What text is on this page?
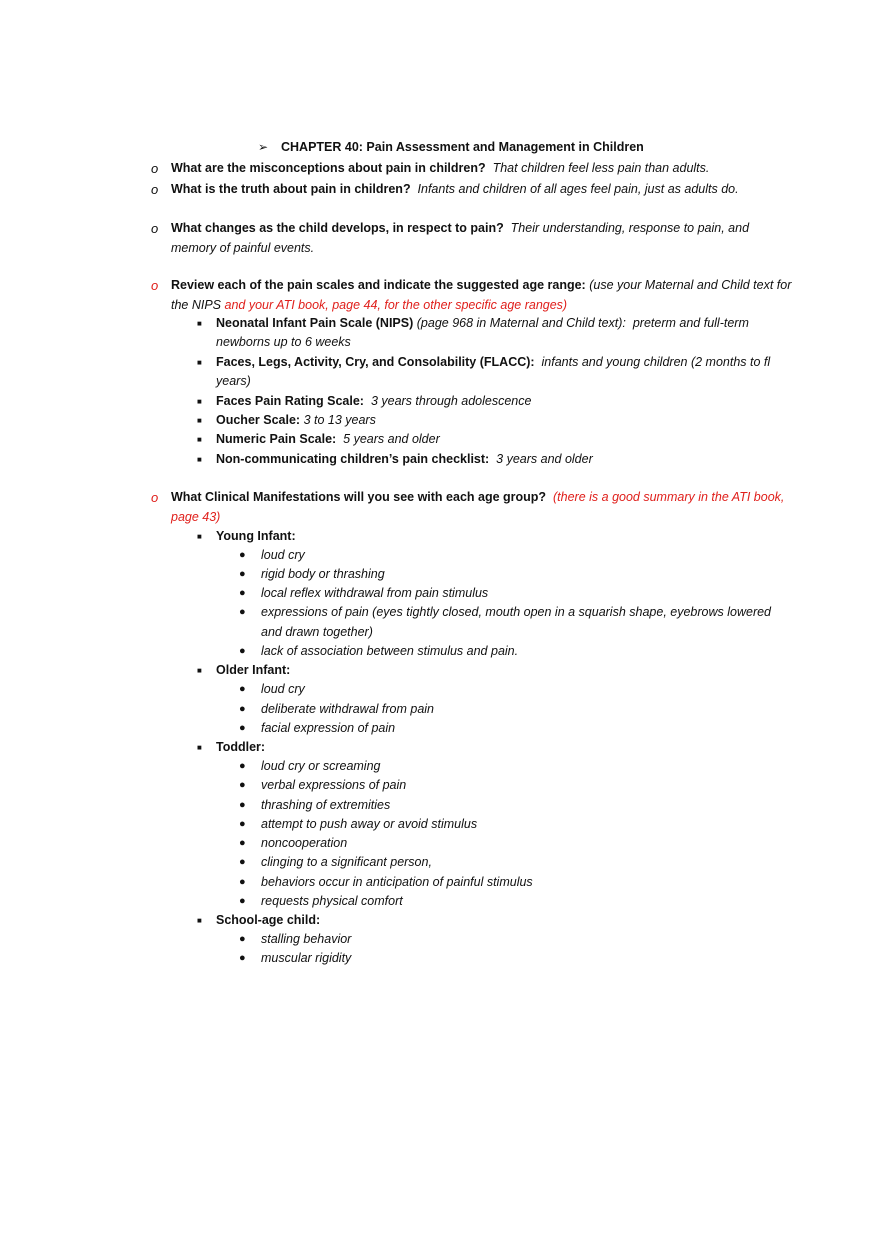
➢ CHAPTER 40: Pain Assessment and Management in Children
o What are the misconceptions about pain in children? That children feel less pain than adults.
o What is the truth about pain in children? Infants and children of all ages feel pain, just as adults do.
o What changes as the child develops, in respect to pain? Their understanding, response to pain, and
memory of painful events.
o Review each of the pain scales and indicate the suggested age range: (use your Maternal and Child text for
the NIPS and your ATI book, page 44, for the other specific age ranges)
■ Neonatal Infant Pain Scale (NIPS) (page 968 in Maternal and Child text): preterm and full-term
newborns up to 6 weeks
■ Faces, Legs, Activity, Cry, and Consolability (FLACC): infants and young children (2 months to fl
years)
■ Faces Pain Rating Scale: 3 years through adolescence
■ Oucher Scale: 3 to 13 years
■ Numeric Pain Scale: 5 years and older
■ Non-communicating children’s pain checklist: 3 years and older
o What Clinical Manifestations will you see with each age group? (there is a good summary in the ATI book,
page 43)
■ Young Infant:
● loud cry
● rigid body or thrashing
● local reflex withdrawal from pain stimulus
● expressions of pain (eyes tightly closed, mouth open in a squarish shape, eyebrows lowered
and drawn together)
● lack of association between stimulus and pain.
■ Older Infant:
● loud cry
● deliberate withdrawal from pain
● facial expression of pain
■ Toddler:
● loud cry or screaming
● verbal expressions of pain
● thrashing of extremities
● attempt to push away or avoid stimulus
● noncooperation
● clinging to a significant person,
● behaviors occur in anticipation of painful stimulus
● requests physical comfort
■ School-age child:
● stalling behavior
● muscular rigidity
